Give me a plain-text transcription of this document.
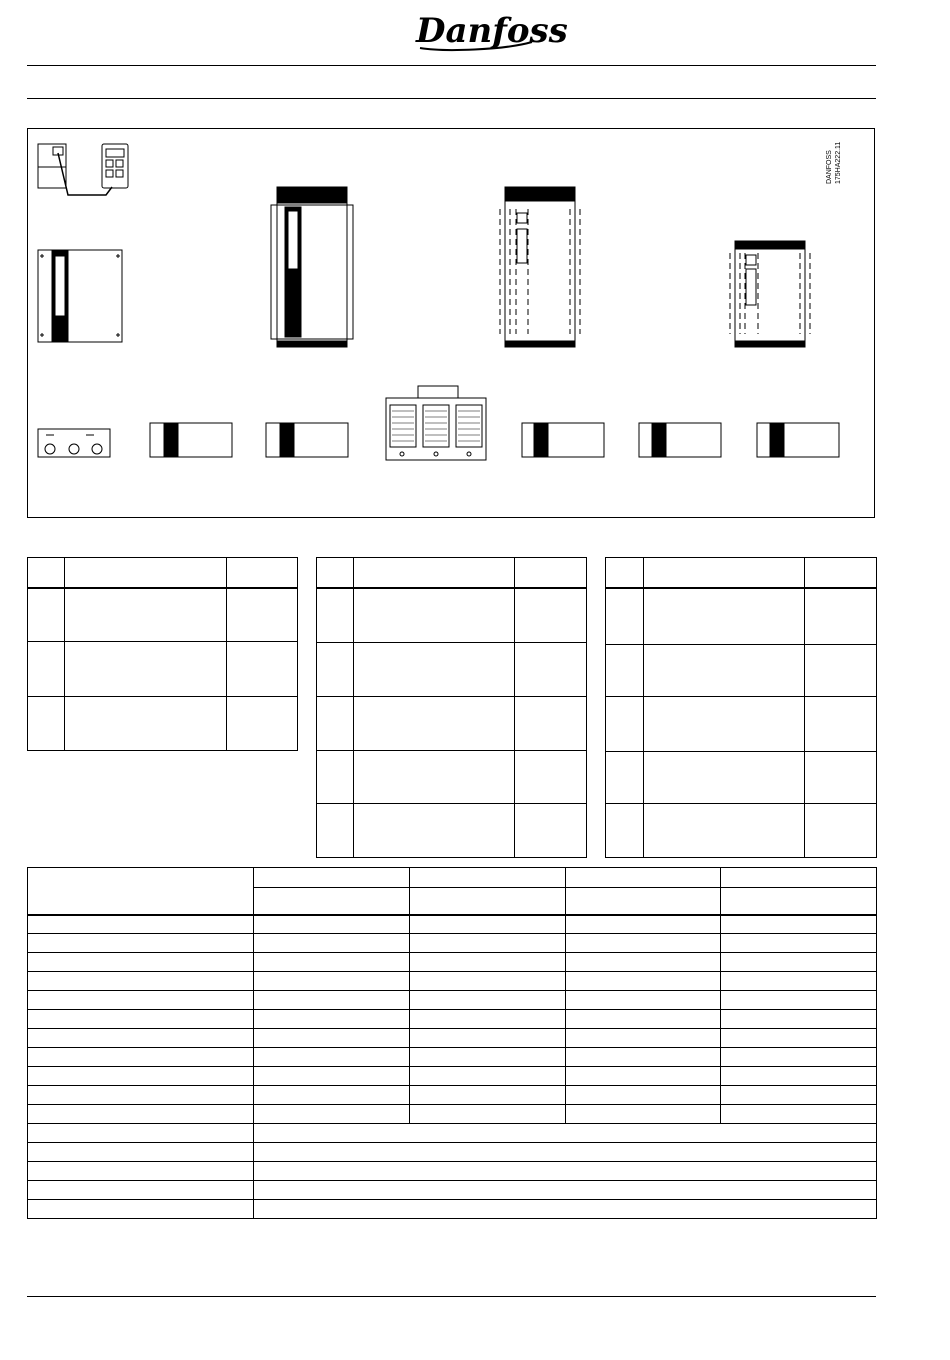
Danfoss
DANFOSS 175HA222.11
